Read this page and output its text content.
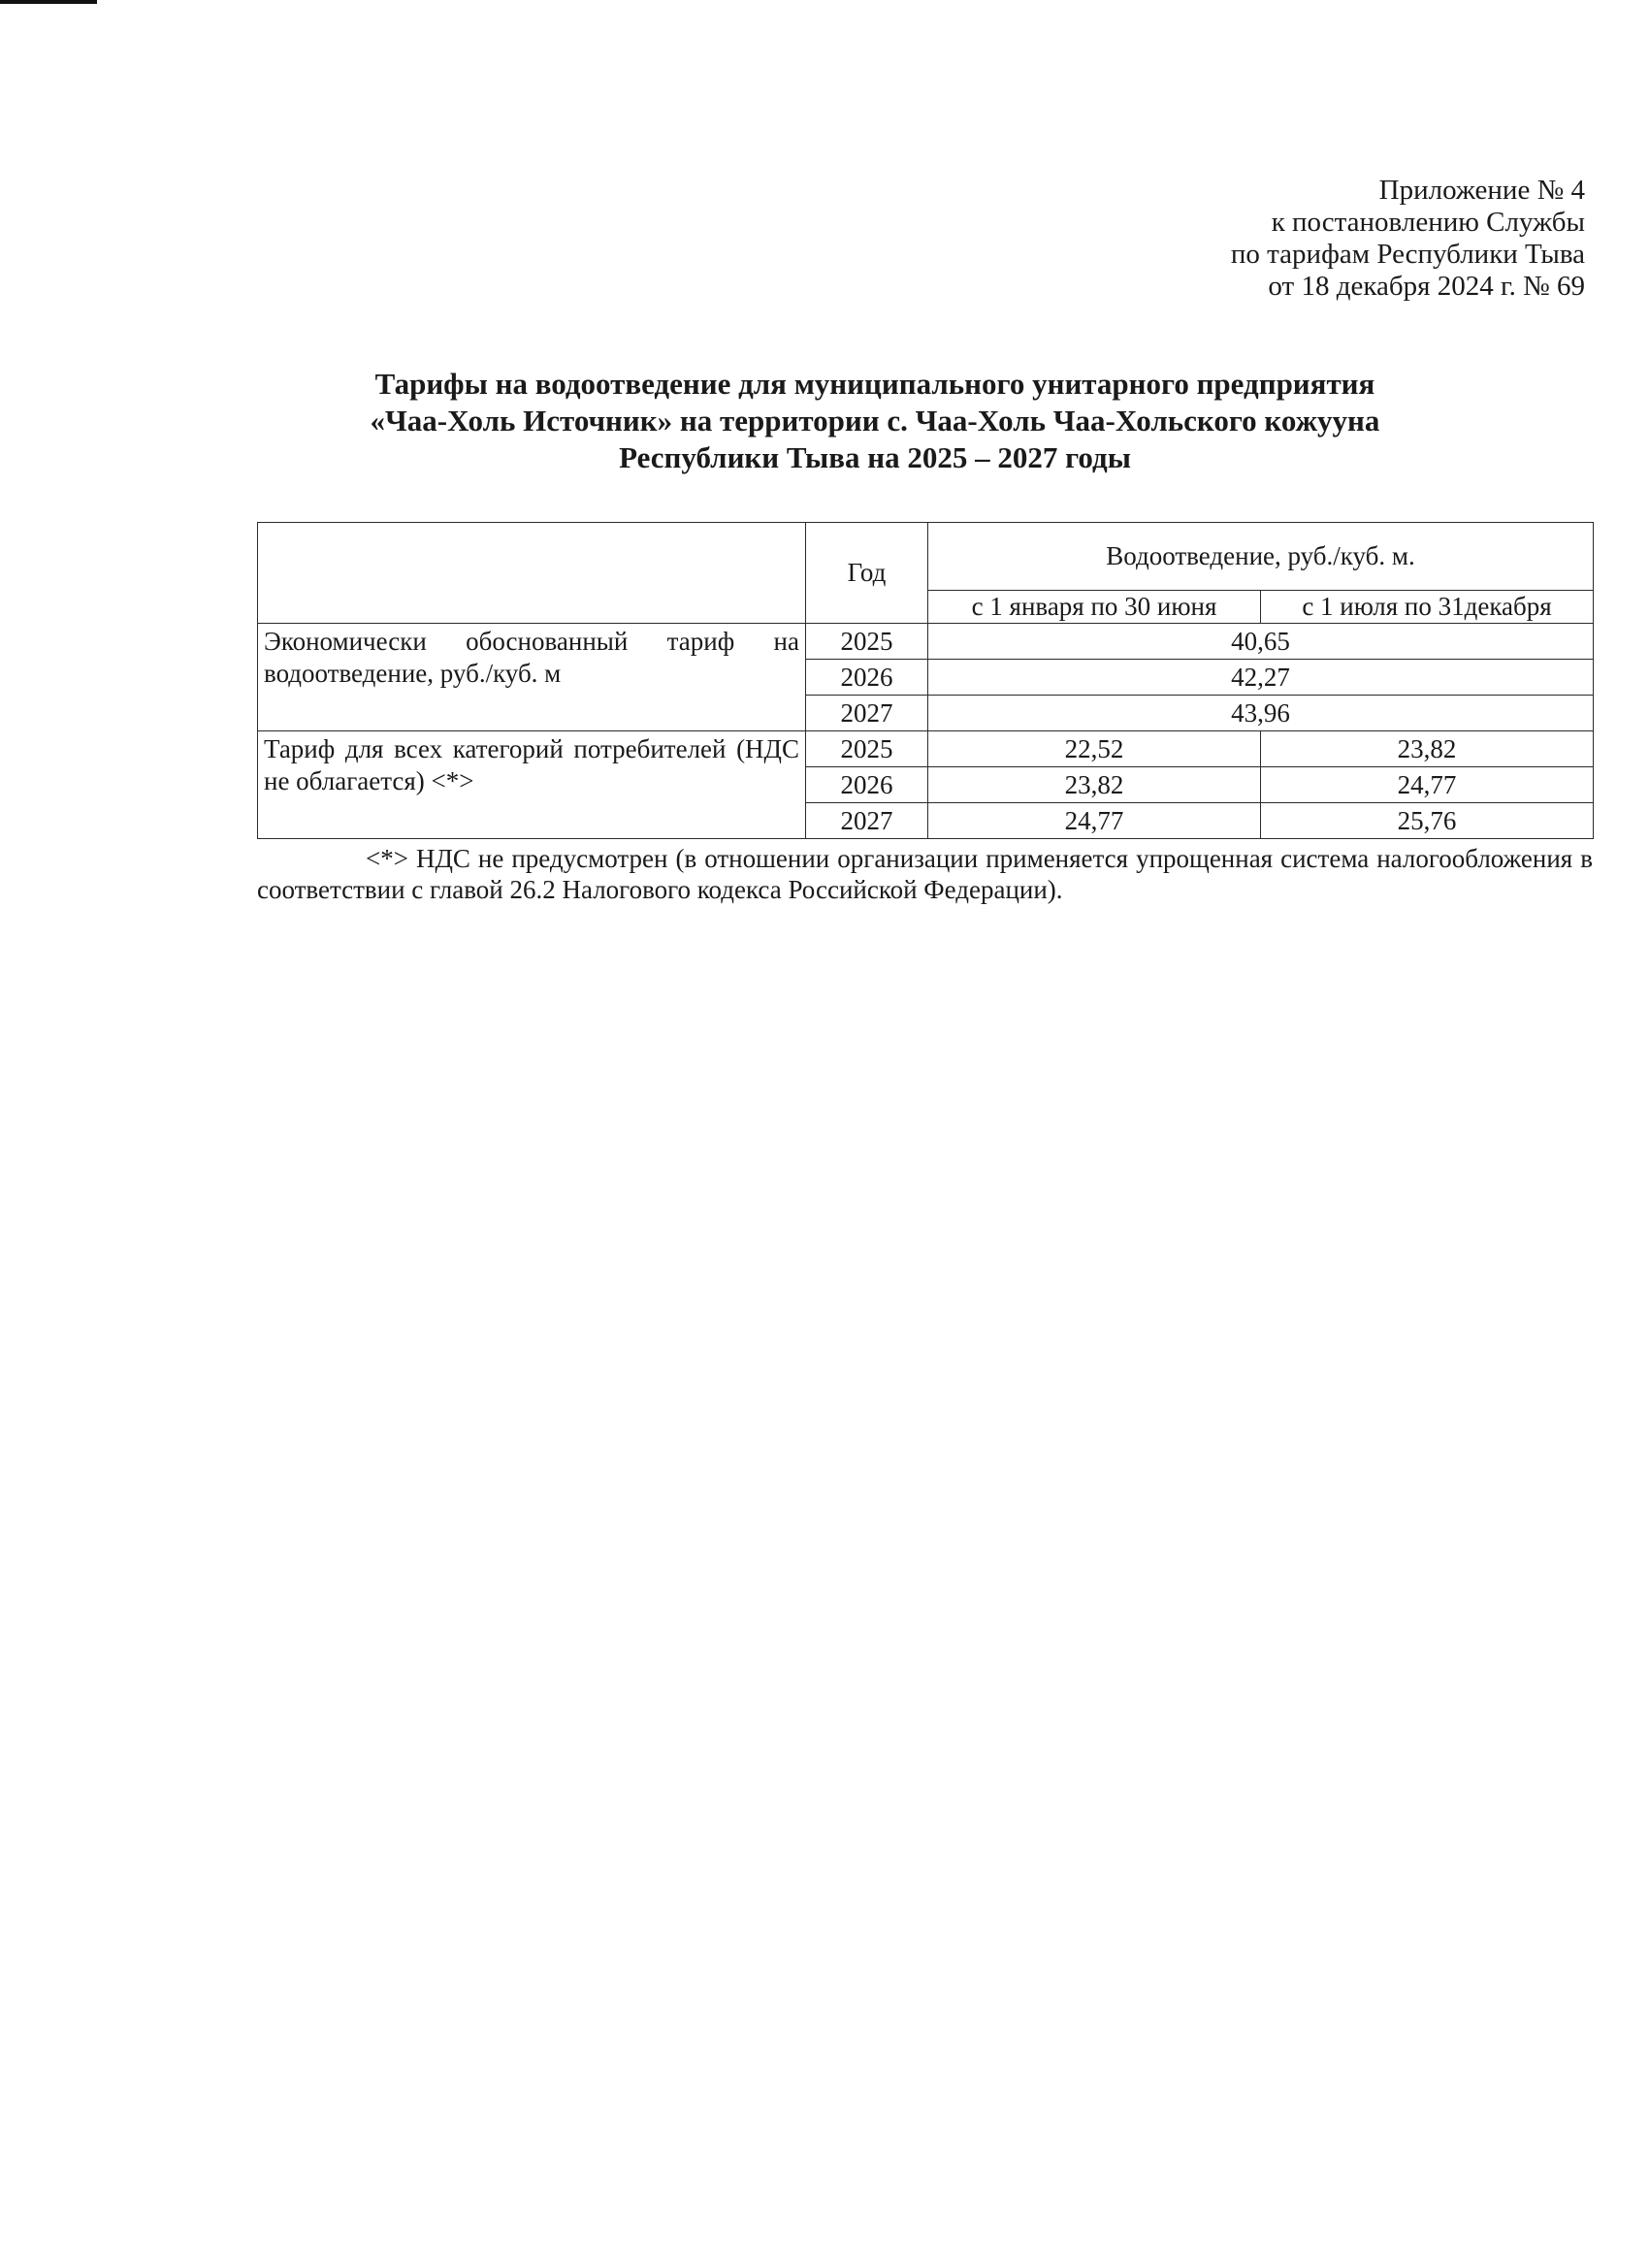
Приложение № 4
к постановлению Службы
по тарифам Республики Тыва
от 18 декабря 2024 г. № 69
Тарифы на водоотведение для муниципального унитарного предприятия
«Чаа-Холь Источник» на территории с. Чаа-Холь Чаа-Хольского кожууна
Республики Тыва на 2025 – 2027 годы
	Год	Водоотведение, руб./куб. м.	
		с 1 января по 30 июня	с 1 июля по 31декабря
Экономически обоснованный тариф на водоотведение, руб./куб. м	2025	40,65	
	2026	42,27	
	2027	43,96	
Тариф для всех категорий потребителей (НДС не облагается) <*>	2025	22,52	23,82
	2026	23,82	24,77
	2027	24,77	25,76
<*> НДС не предусмотрен (в отношении организации применяется упрощенная система налогообложения в соответствии с главой 26.2 Налогового кодекса Российской Федерации).
